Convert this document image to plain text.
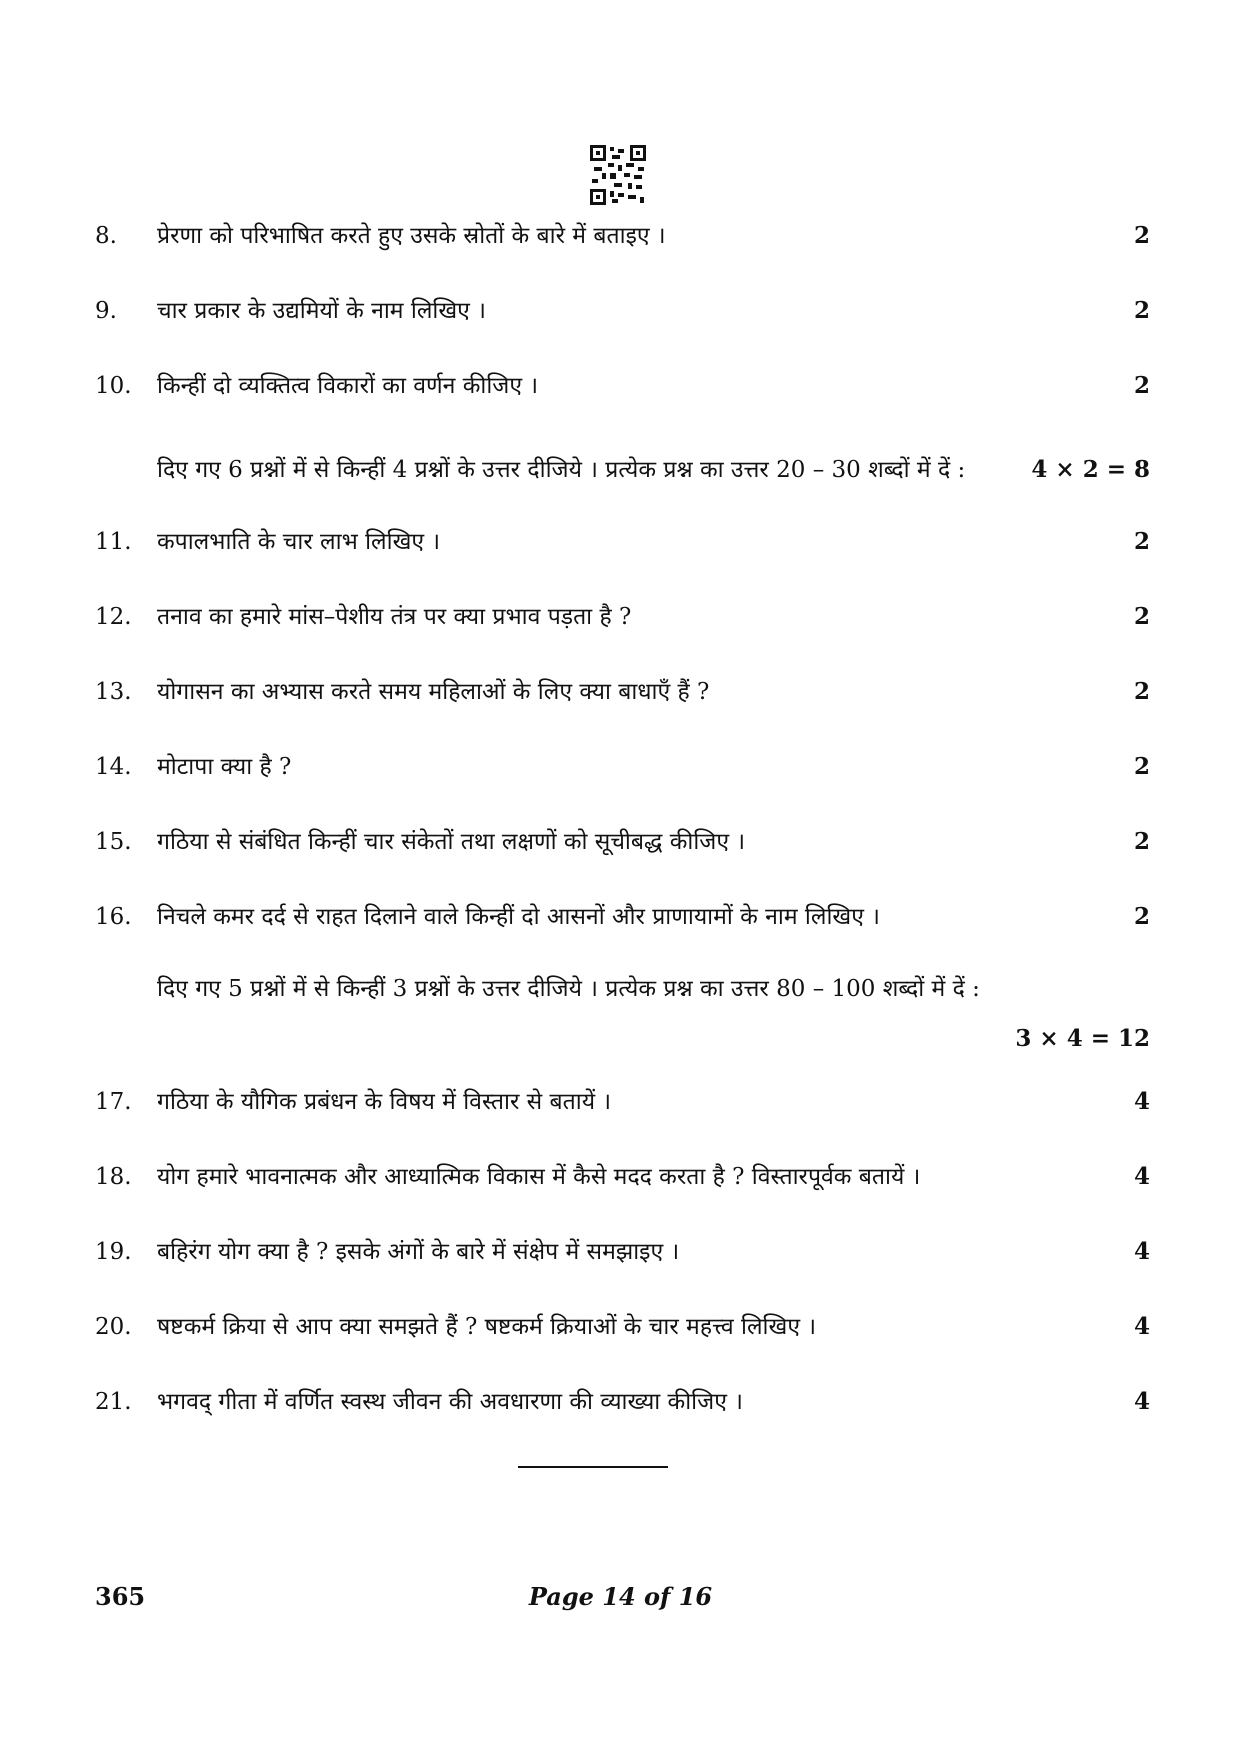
8.	प्रेरणा को परिभाषित करते हुए उसके स्रोतों के बारे में बताइए ।	2
9.	चार प्रकार के उद्यमियों के नाम लिखिए ।	2
10.	किन्हीं दो व्यक्तित्व विकारों का वर्णन कीजिए ।	2
दिए गए 6 प्रश्नों में से किन्हीं 4 प्रश्नों के उत्तर दीजिये । प्रत्येक प्रश्न का उत्तर 20 – 30 शब्दों में दें :	4 × 2 = 8
11.	कपालभाति के चार लाभ लिखिए ।	2
12.	तनाव का हमारे मांस–पेशीय तंत्र पर क्या प्रभाव पड़ता है ?	2
13.	योगासन का अभ्यास करते समय महिलाओं के लिए क्या बाधाएँ हैं ?	2
14.	मोटापा क्या है ?	2
15.	गठिया से संबंधित किन्हीं चार संकेतों तथा लक्षणों को सूचीबद्ध कीजिए ।	2
16.	निचले कमर दर्द से राहत दिलाने वाले किन्हीं दो आसनों और प्राणायामों के नाम लिखिए ।	2
दिए गए 5 प्रश्नों में से किन्हीं 3 प्रश्नों के उत्तर दीजिये । प्रत्येक प्रश्न का उत्तर 80 – 100 शब्दों में दें :
3 × 4 = 12
17.	गठिया के यौगिक प्रबंधन के विषय में विस्तार से बतायें ।	4
18.	योग हमारे भावनात्मक और आध्यात्मिक विकास में कैसे मदद करता है ? विस्तारपूर्वक बतायें ।	4
19.	बहिरंग योग क्या है ? इसके अंगों के बारे में संक्षेप में समझाइए ।	4
20.	षष्टकर्म क्रिया से आप क्या समझते हैं ? षष्टकर्म क्रियाओं के चार महत्त्व लिखिए ।	4
21.	भगवद् गीता में वर्णित स्वस्थ जीवन की अवधारणा की व्याख्या कीजिए ।	4
365	Page 14 of 16
